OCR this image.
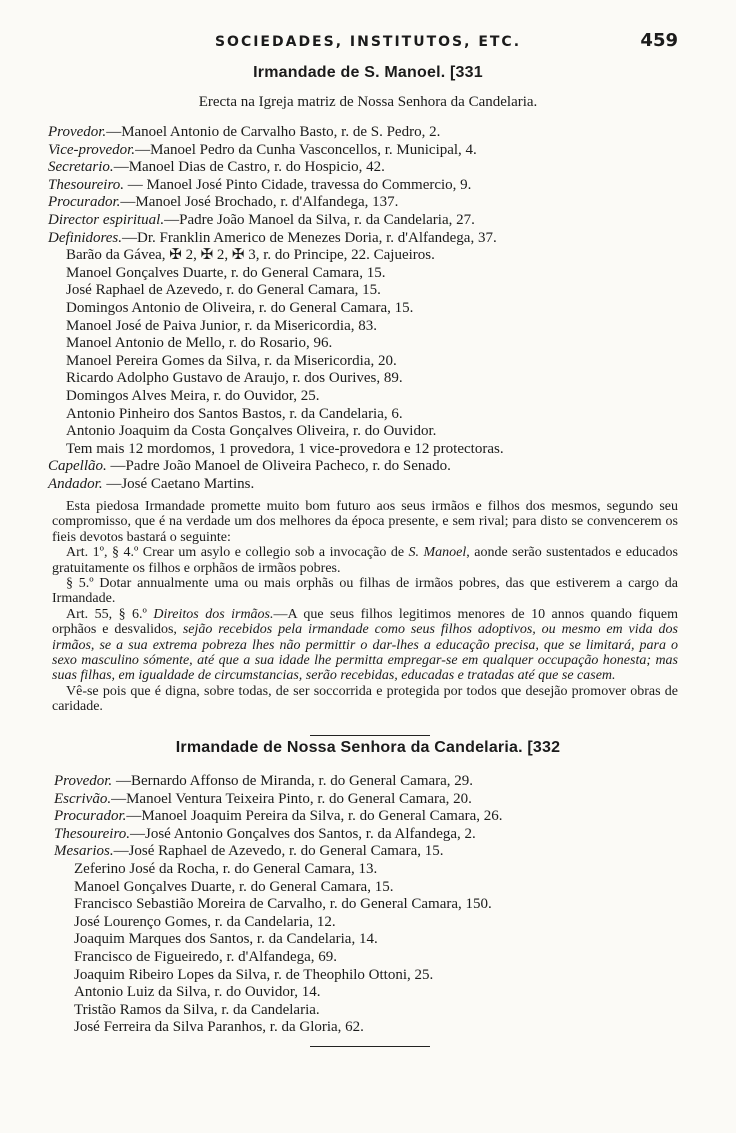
SOCIEDADES, INSTITUTOS, ETC.	459
Irmandade de S. Manoel. [331
Erecta na Igreja matriz de Nossa Senhora da Candelaria.
Provedor.—Manoel Antonio de Carvalho Basto, r. de S. Pedro, 2.
Vice-provedor.—Manoel Pedro da Cunha Vasconcellos, r. Municipal, 4.
Secretario.—Manoel Dias de Castro, r. do Hospicio, 42.
Thesoureiro. — Manoel José Pinto Cidade, travessa do Commercio, 9.
Procurador.—Manoel José Brochado, r. d'Alfandega, 137.
Director espiritual.—Padre João Manoel da Silva, r. da Candelaria, 27.
Definidores.—Dr. Franklin Americo de Menezes Doria, r. d'Alfandega, 37.
Barão da Gávea, ✠ 2, ✠ 2, ✠ 3, r. do Principe, 22. Cajueiros.
Manoel Gonçalves Duarte, r. do General Camara, 15.
José Raphael de Azevedo, r. do General Camara, 15.
Domingos Antonio de Oliveira, r. do General Camara, 15.
Manoel José de Paiva Junior, r. da Misericordia, 83.
Manoel Antonio de Mello, r. do Rosario, 96.
Manoel Pereira Gomes da Silva, r. da Misericordia, 20.
Ricardo Adolpho Gustavo de Araujo, r. dos Ourives, 89.
Domingos Alves Meira, r. do Ouvidor, 25.
Antonio Pinheiro dos Santos Bastos, r. da Candelaria, 6.
Antonio Joaquim da Costa Gonçalves Oliveira, r. do Ouvidor.
Tem mais 12 mordomos, 1 provedora, 1 vice-provedora e 12 protectoras.
Capellão. —Padre João Manoel de Oliveira Pacheco, r. do Senado.
Andador. —José Caetano Martins.
Esta piedosa Irmandade promette muito bom futuro aos seus irmãos e filhos dos mesmos, segundo seu compromisso, que é na verdade um dos melhores da época presente, e sem rival; para disto se convencerem os fieis devotos bastará o seguinte:
Art. 1º, § 4.º Crear um asylo e collegio sob a invocação de S. Manoel, aonde serão sustentados e educados gratuitamente os filhos e orphãos de irmãos pobres.
§ 5.º Dotar annualmente uma ou mais orphãs ou filhas de irmãos pobres, das que estiverem a cargo da Irmandade.
Art. 55, § 6.º Direitos dos irmãos.—A que seus filhos legitimos menores de 10 annos quando fiquem orphãos e desvalidos, sejão recebidos pela irmandade como seus filhos adoptivos, ou mesmo em vida dos irmãos, se a sua extrema pobreza lhes não permittir o dar-lhes a educação precisa, que se limitará, para o sexo masculino sómente, até que a sua idade lhe permitta empregar-se em qualquer occupação honesta; mas suas filhas, em igualdade de circumstancias, serão recebidas, educadas e tratadas até que se casem.
Vê-se pois que é digna, sobre todas, de ser soccorrida e protegida por todos que desejão promover obras de caridade.
Irmandade de Nossa Senhora da Candelaria. [332
Provedor. —Bernardo Affonso de Miranda, r. do General Camara, 29.
Escrivão.—Manoel Ventura Teixeira Pinto, r. do General Camara, 20.
Procurador.—Manoel Joaquim Pereira da Silva, r. do General Camara, 26.
Thesoureiro.—José Antonio Gonçalves dos Santos, r. da Alfandega, 2.
Mesarios.—José Raphael de Azevedo, r. do General Camara, 15.
Zeferino José da Rocha, r. do General Camara, 13.
Manoel Gonçalves Duarte, r. do General Camara, 15.
Francisco Sebastião Moreira de Carvalho, r. do General Camara, 150.
José Lourenço Gomes, r. da Candelaria, 12.
Joaquim Marques dos Santos, r. da Candelaria, 14.
Francisco de Figueiredo, r. d'Alfandega, 69.
Joaquim Ribeiro Lopes da Silva, r. de Theophilo Ottoni, 25.
Antonio Luiz da Silva, r. do Ouvidor, 14.
Tristão Ramos da Silva, r. da Candelaria.
José Ferreira da Silva Paranhos, r. da Gloria, 62.
